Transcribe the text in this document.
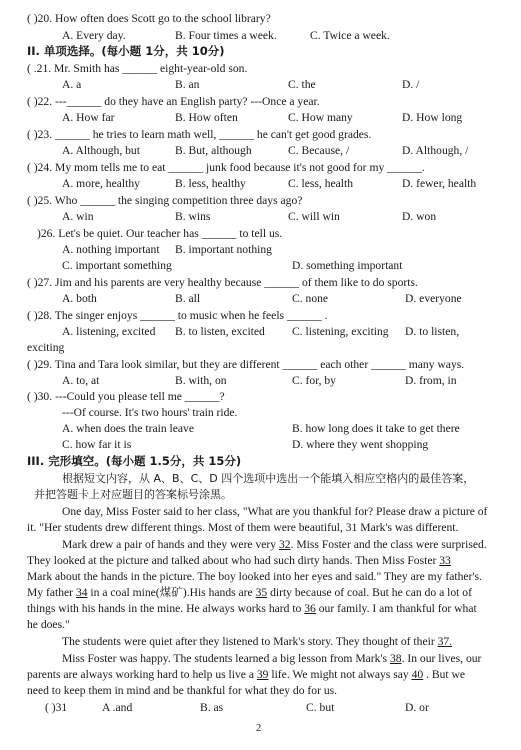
( )20. How often does Scott go to the school library?
A. Every day.	B. Four times a week.	C. Twice a week.
II. 单项选择。(每小题 1分，共 10分)
( .21. Mr. Smith has ______ eight-year-old son.
A. a	B. an	C. the	D. /
( )22. ---______ do they have an English party? ---Once a year.
A. How far	B. How often	C. How many	D. How long
( )23. ______ he tries to learn math well, ______ he can't get good grades.
A. Although, but	B. But, although	C. Because, /	D. Although, /
( )24. My mom tells me to eat ______ junk food because it's not good for my ______.
A. more, healthy	B. less, healthy	C. less, health	D. fewer, health
( )25. Who ______ the singing competition three days ago?
A. win	B. wins	C. will win	D. won
)26. Let's be quiet. Our teacher has ______ to tell us.
A. nothing important B. important nothing
C. important something	D. something important
( )27. Jim and his parents are very healthy because ______ of them like to do sports.
A. both	B. all	C. none	D. everyone
( )28. The singer enjoys ______ to music when he feels ______ .
A. listening, excited B. to listen, excited C. listening, exciting D. to listen,
exciting
( )29. Tina and Tara look similar, but they are different ______ each other ______ many ways.
A. to, at	B. with, on	C. for, by	D. from, in
( )30. ---Could you please tell me ______?
---Of course. It's two hours' train ride.
A. when does the train leave	B. how long does it take to get there
C. how far it is	D. where they went shopping
III. 完形填空。(每小题 1.5分，共 15分)
根据短文内容，从 A、B、C、D 四个选项中选出一个能填入相应空格内的最佳答案，
并把答题卡上对应题目的答案标号涂黑。
One day, Miss Foster said to her class, "What are you thankful for? Please draw a picture of
it. "Her students drew different things. Most of them were beautiful, 31 Mark's was different.
Mark drew a pair of hands and they were very 32. Miss Foster and the class were surprised.
They looked at the picture and talked about who had such dirty hands. Then Miss Foster 33
Mark about the hands in the picture. The boy looked into her eyes and said." They are my father's.
My father 34 in a coal mine(煤矿).His hands are 35 dirty because of coal. But he can do a lot of
things with his hands in the mine. He always works hard to 36 our family. I am thankful for what
he does."
The students were quiet after they listened to Mark's story. They thought of their 37.
Miss Foster was happy. The students learned a big lesson from Mark's 38. In our lives, our
parents are always working hard to help us live a 39 life. We might not always say 40 . But we
need to keep them in mind and be thankful for what they do for us.
( )31	A .and	B. as	C. but	D. or
2
